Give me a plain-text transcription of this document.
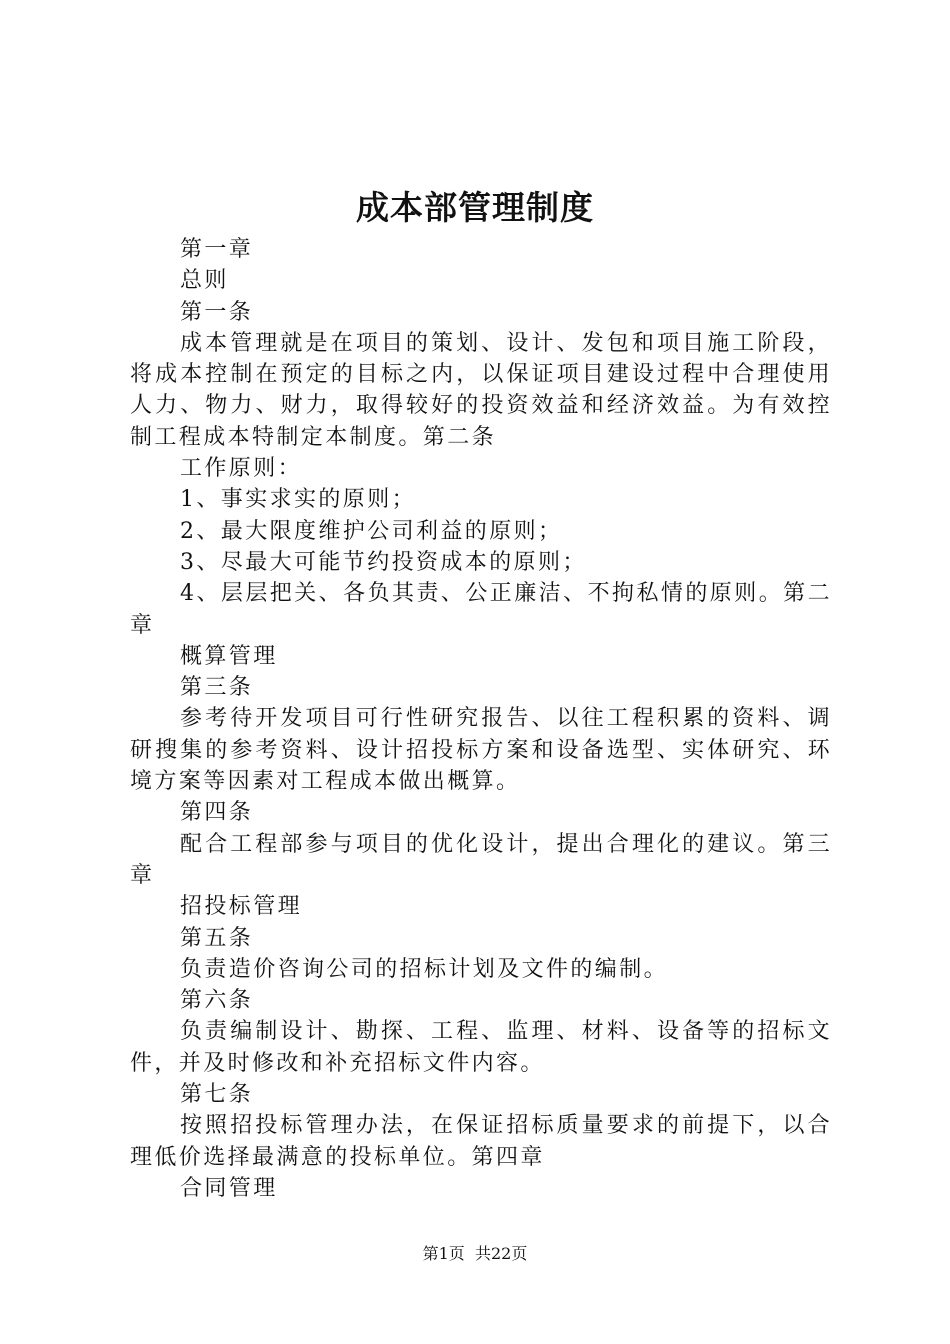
成本部管理制度

第一章

总则

第一条

成本管理就是在项目的策划、设计、发包和项目施工阶段，将成本控制在预定的目标之内，以保证项目建设过程中合理使用人力、物力、财力，取得较好的投资效益和经济效益。为有效控制工程成本特制定本制度。第二条

工作原则：

1、事实求实的原则；

2、最大限度维护公司利益的原则；

3、尽最大可能节约投资成本的原则；

4、层层把关、各负其责、公正廉洁、不拘私情的原则。第二章

概算管理

第三条

参考待开发项目可行性研究报告、以往工程积累的资料、调研搜集的参考资料、设计招投标方案和设备选型、实体研究、环境方案等因素对工程成本做出概算。

第四条

配合工程部参与项目的优化设计，提出合理化的建议。第三章

招投标管理

第五条

负责造价咨询公司的招标计划及文件的编制。

第六条

负责编制设计、勘探、工程、监理、材料、设备等的招标文件，并及时修改和补充招标文件内容。

第七条

按照招投标管理办法，在保证招标质量要求的前提下，以合理低价选择最满意的投标单位。第四章

合同管理

第1页 共22页
